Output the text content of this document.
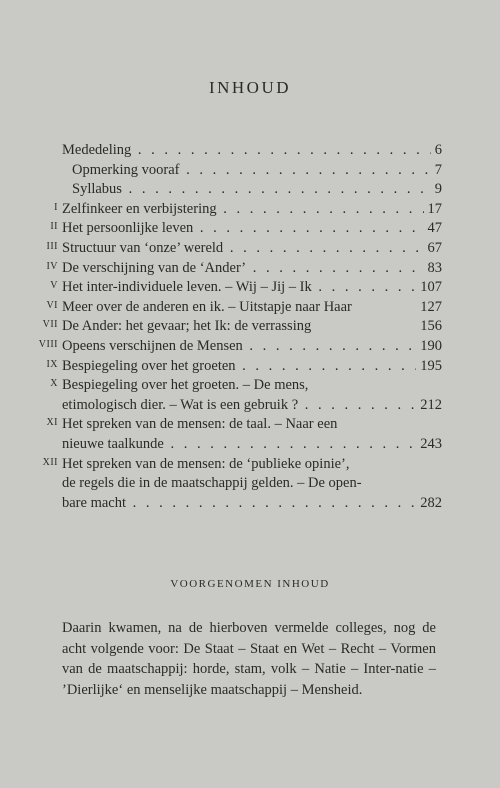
INHOUD
Mededeling . . .	6
Opmerking vooraf . . .	7
Syllabus . . .	9
I Zelfinkeer en verbijstering . . .	17
II Het persoonlijke leven . . .	47
III Structuur van ‘onze’ wereld . . .	67
IV De verschijning van de ‘Ander’ . . .	83
V Het inter-individuele leven. – Wij – Jij – Ik . . .	107
VI Meer over de anderen en ik. – Uitstapje naar Haar	127
VII De Ander: het gevaar; het Ik: de verrassing	156
VIII Opeens verschijnen de Mensen . . .	190
IX Bespiegeling over het groeten . . .	195
X Bespiegeling over het groeten. – De mens,
etimologisch dier. – Wat is een gebruik ? . . .	212
XI Het spreken van de mensen: de taal. – Naar een
nieuwe taalkunde . . .	243
XII Het spreken van de mensen: de ‘publieke opinie’,
de regels die in de maatschappij gelden. – De open-
bare macht . . .	282
VOORGENOMEN INHOUD
Daarin kwamen, na de hierboven vermelde colleges, nog de acht volgende voor: De Staat – Staat en Wet – Recht – Vormen van de maatschappij: horde, stam, volk – Natie – Inter-natie – ’Dierlijke‘ en menselijke maatschappij – Mensheid.
